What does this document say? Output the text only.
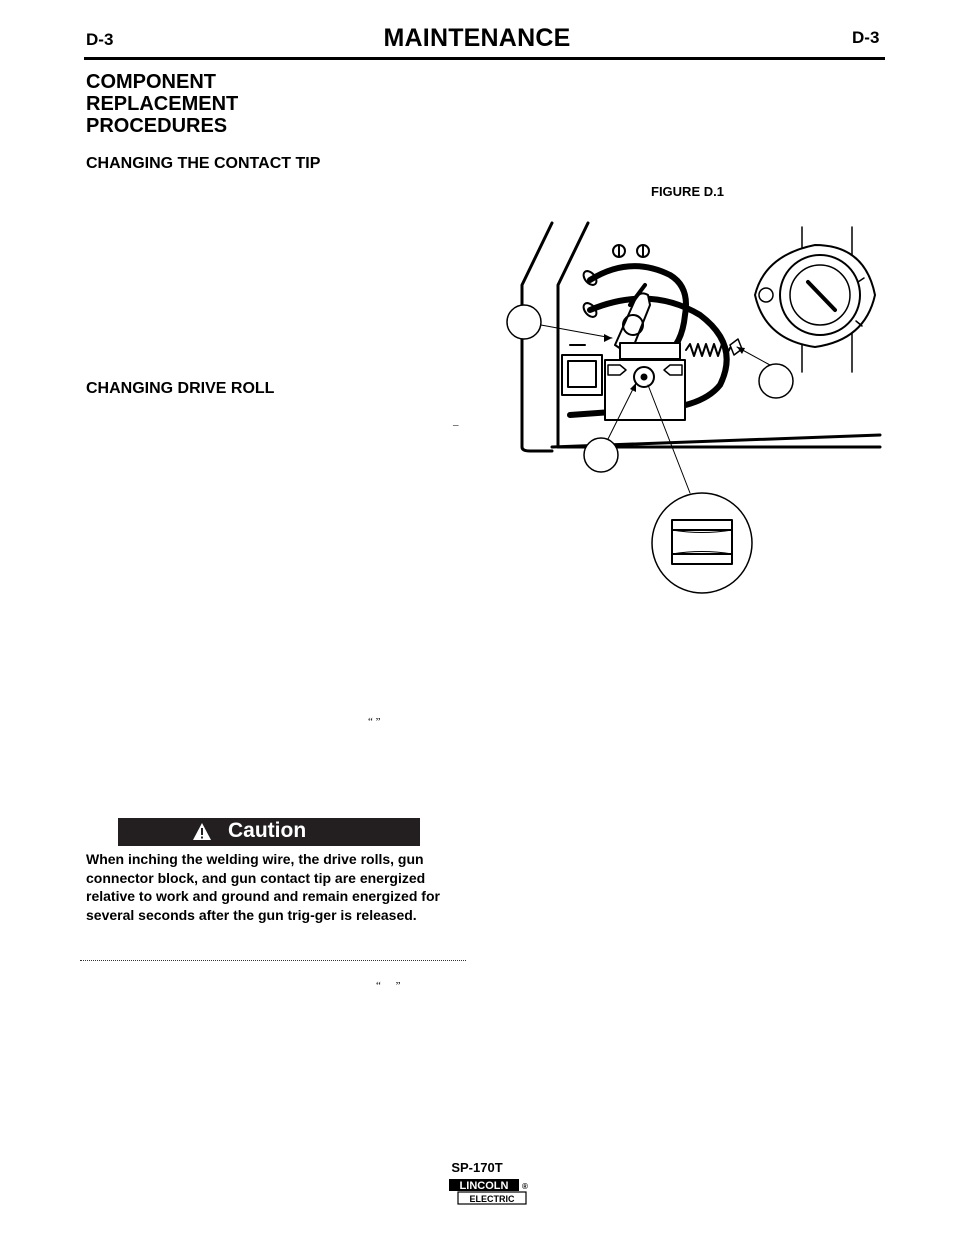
D-3	MAINTENANCE	D-3
COMPONENT
REPLACEMENT
PROCEDURES
CHANGING THE CONTACT TIP
CHANGING DRIVE ROLL
–
“ ”
“ ”
FIGURE D.1
Caution
When inching the welding wire, the drive rolls, gun connector block, and gun contact tip are energized relative to work and ground and remain energized for several seconds after the gun trig-ger is released.
SP-170T
LINCOLN
ELECTRIC
®
